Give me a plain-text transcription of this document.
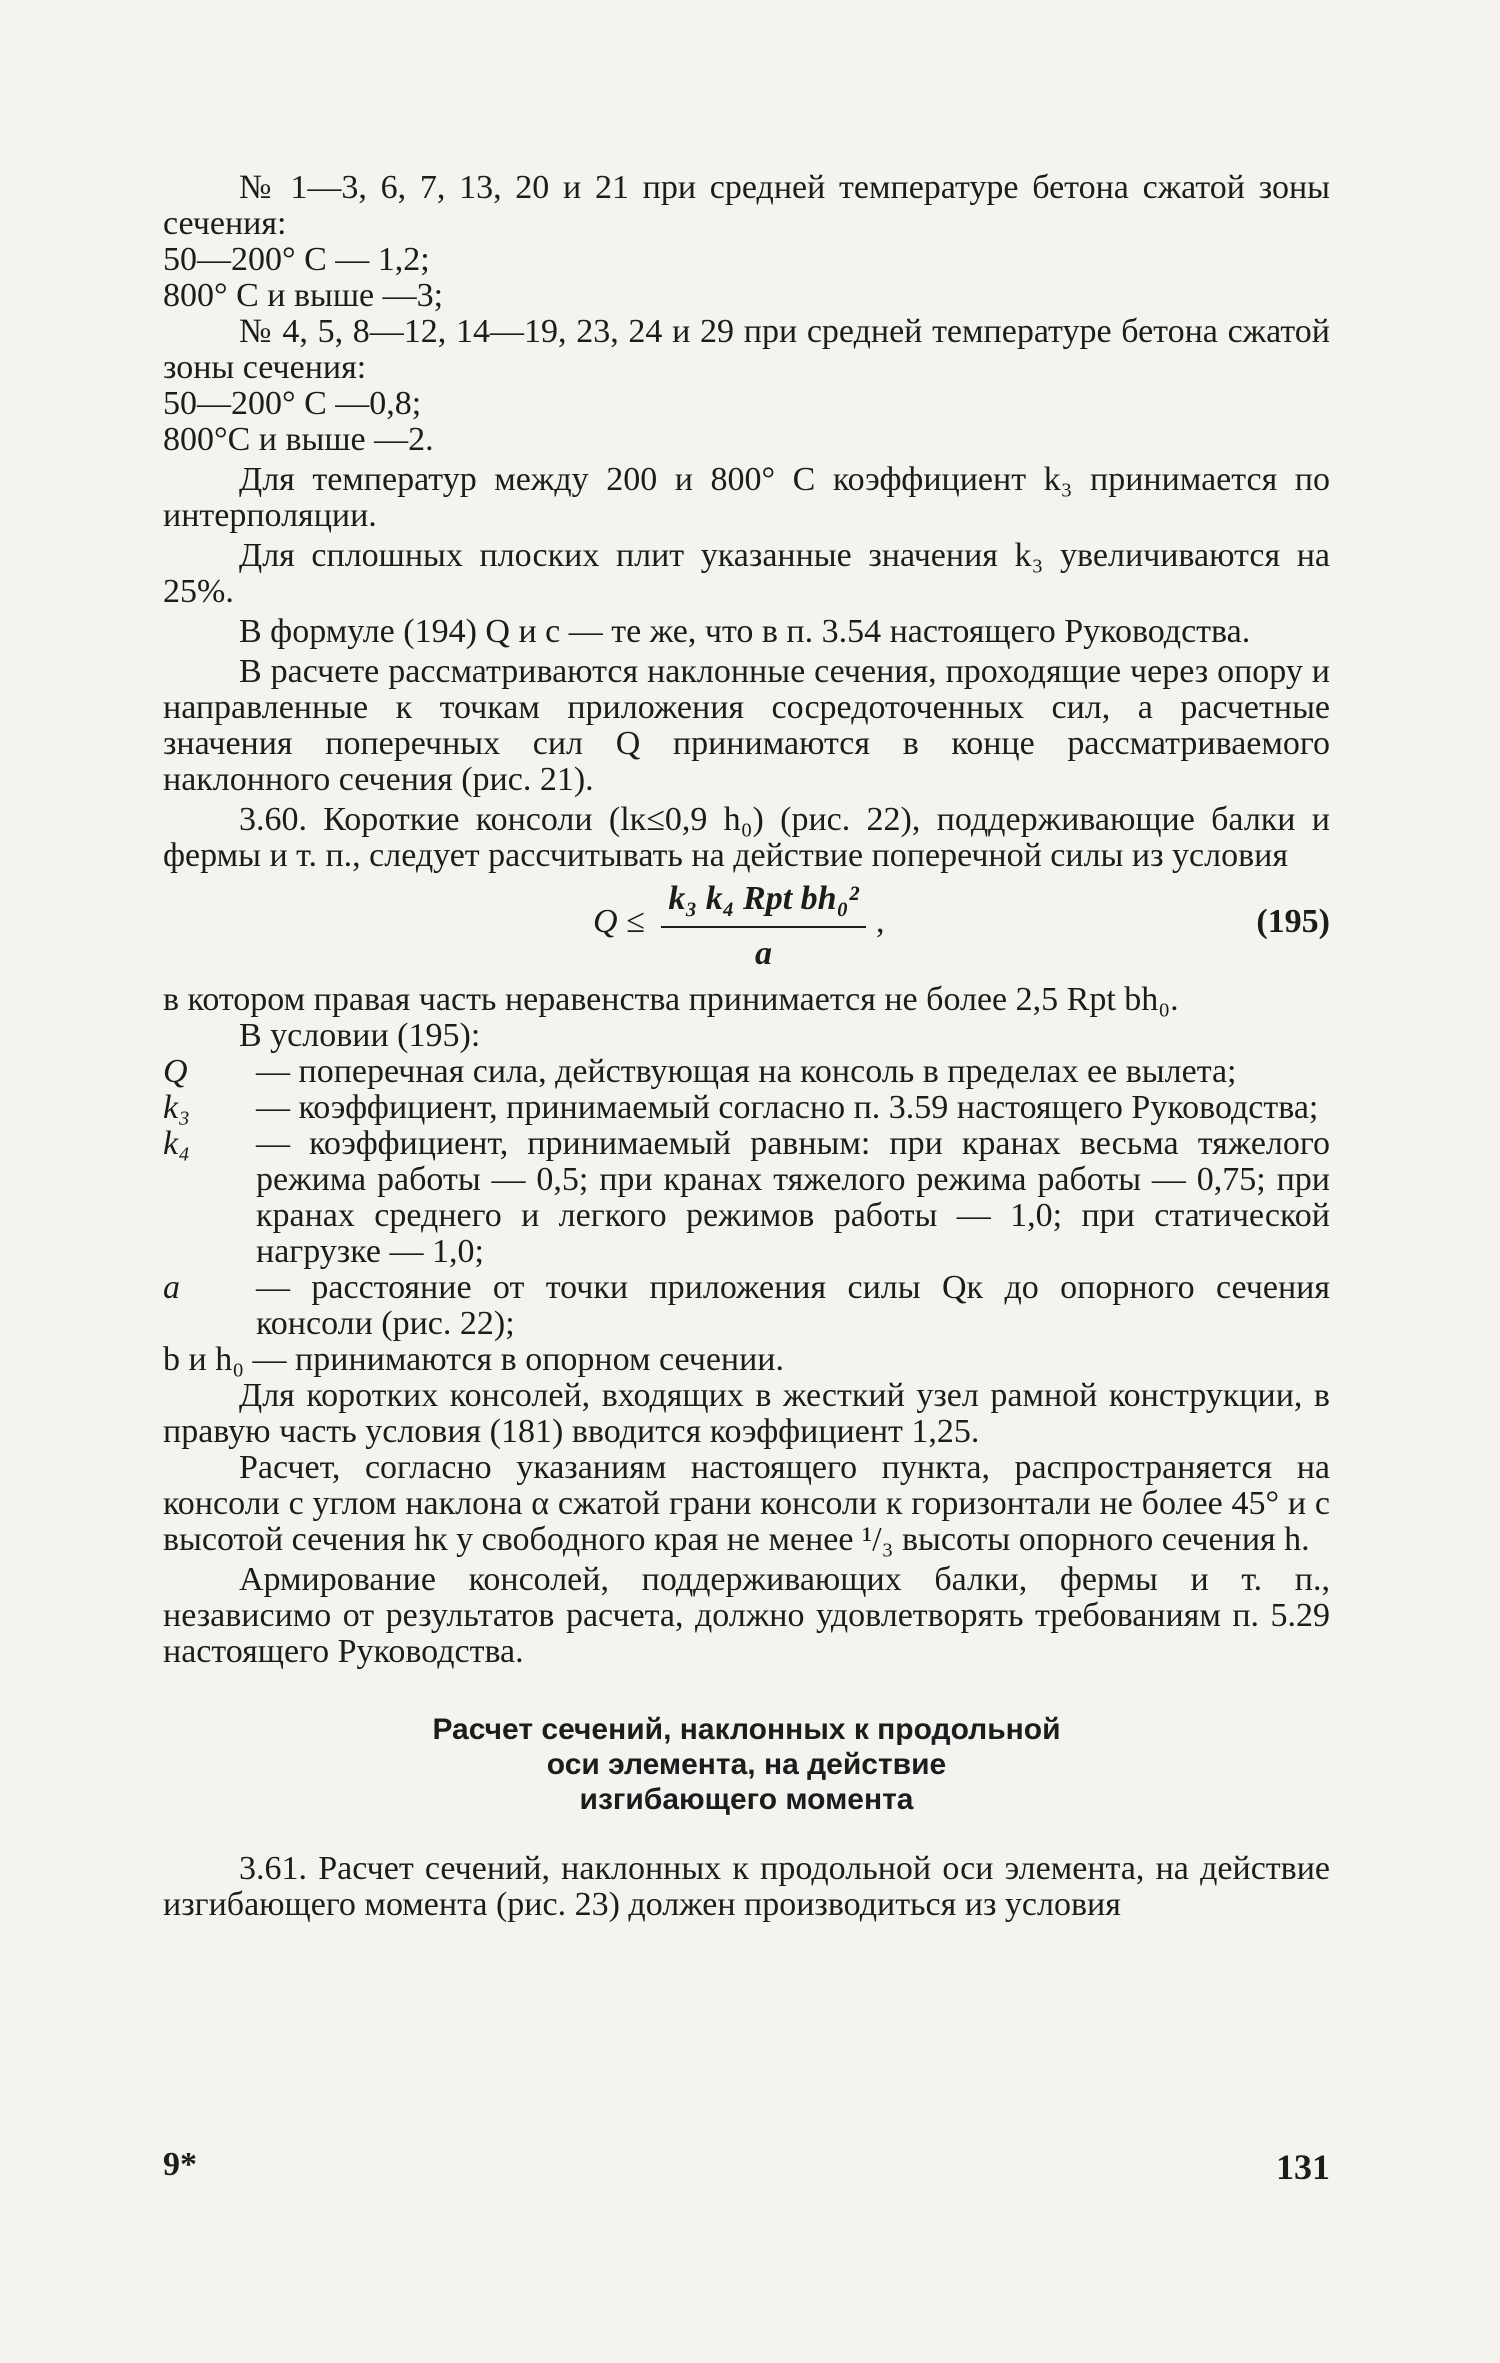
№ 1—3, 6, 7, 13, 20 и 21 при средней температуре бетона сжатой зоны сечения:

50—200° С — 1,2;

800° С и выше —3;

№ 4, 5, 8—12, 14—19, 23, 24 и 29 при средней температуре бетона сжатой зоны сечения:

50—200° С —0,8;

800°С и выше —2.

Для температур между 200 и 800° С коэффициент k₃ принимается по интерполяции.

Для сплошных плоских плит указанные значения k₃ увеличиваются на 25%.

В формуле (194) Q и c — те же, что в п. 3.54 настоящего Руководства.

В расчете рассматриваются наклонные сечения, проходящие через опору и направленные к точкам приложения сосредоточенных сил, а расчетные значения поперечных сил Q принимаются в конце рассматриваемого наклонного сечения (рис. 21).

3.60. Короткие консоли (lк≤0,9 h₀) (рис. 22), поддерживающие балки и фермы и т. п., следует рассчитывать на действие поперечной силы из условия

Q ≤
k₃ k₄ Rpt bh₀²
a
,	(195)

в котором правая часть неравенства принимается не более 2,5 Rpt bh₀.

В условии (195):

Q — поперечная сила, действующая на консоль в пределах ее вылета;
k₃ — коэффициент, принимаемый согласно п. 3.59 настоящего Руководства;
k₄ — коэффициент, принимаемый равным: при кранах весьма тяжелого режима работы — 0,5; при кранах тяжелого режима работы — 0,75; при кранах среднего и легкого режимов работы — 1,0; при статической нагрузке — 1,0;
a — расстояние от точки приложения силы Qк до опорного сечения консоли (рис. 22);

b и h₀ — принимаются в опорном сечении.

Для коротких консолей, входящих в жесткий узел рамной конструкции, в правую часть условия (181) вводится коэффициент 1,25.

Расчет, согласно указаниям настоящего пункта, распространяется на консоли с углом наклона α сжатой грани консоли к горизонтали не более 45° и с высотой сечения hк у свободного края не менее ¹/₃ высоты опорного сечения h.

Армирование консолей, поддерживающих балки, фермы и т. п., независимо от результатов расчета, должно удовлетворять требованиям п. 5.29 настоящего Руководства.

Расчет сечений, наклонных к продольной
оси элемента, на действие
изгибающего момента

3.61. Расчет сечений, наклонных к продольной оси элемента, на действие изгибающего момента (рис. 23) должен производиться из условия

9*	131
